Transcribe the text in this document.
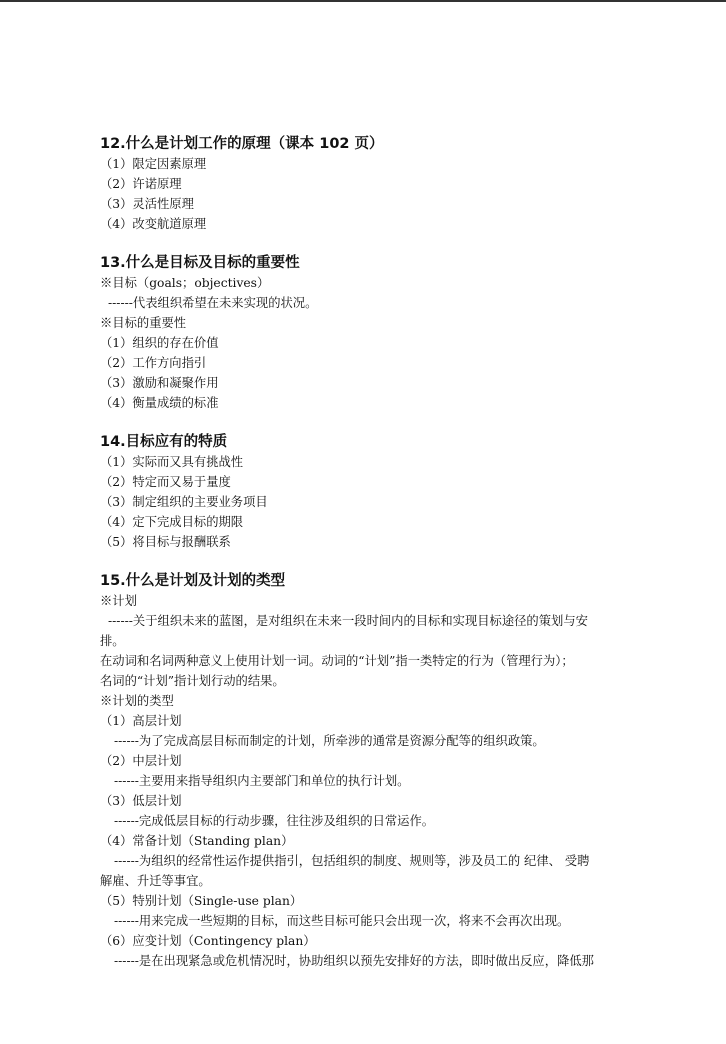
12.什么是计划工作的原理（课本 102 页）
（1）限定因素原理
（2）许诺原理
（3）灵活性原理
（4）改变航道原理
13.什么是目标及目标的重要性
※目标（goals；objectives）
------代表组织希望在未来实现的状况。
※目标的重要性
（1）组织的存在价值
（2）工作方向指引
（3）激励和凝聚作用
（4）衡量成绩的标准
14.目标应有的特质
（1）实际而又具有挑战性
（2）特定而又易于量度
（3）制定组织的主要业务项目
（4）定下完成目标的期限
（5）将目标与报酬联系
15.什么是计划及计划的类型
※计划
------关于组织未来的蓝图，是对组织在未来一段时间内的目标和实现目标途径的策划与安
排。
在动词和名词两种意义上使用计划一词。动词的“计划”指一类特定的行为（管理行为）；
名词的“计划”指计划行动的结果。
※计划的类型
（1）高层计划
------为了完成高层目标而制定的计划，所牵涉的通常是资源分配等的组织政策。
（2）中层计划
------主要用来指导组织内主要部门和单位的执行计划。
（3）低层计划
------完成低层目标的行动步骤，往往涉及组织的日常运作。
（4）常备计划（Standing plan）
------为组织的经常性运作提供指引，包括组织的制度、规则等，涉及员工的 纪律、 受聘
解雇、升迁等事宜。
（5）特别计划（Single-use plan）
------用来完成一些短期的目标，而这些目标可能只会出现一次，将来不会再次出现。
（6）应变计划（Contingency plan）
------是在出现紧急或危机情况时，协助组织以预先安排好的方法，即时做出反应，降低那
